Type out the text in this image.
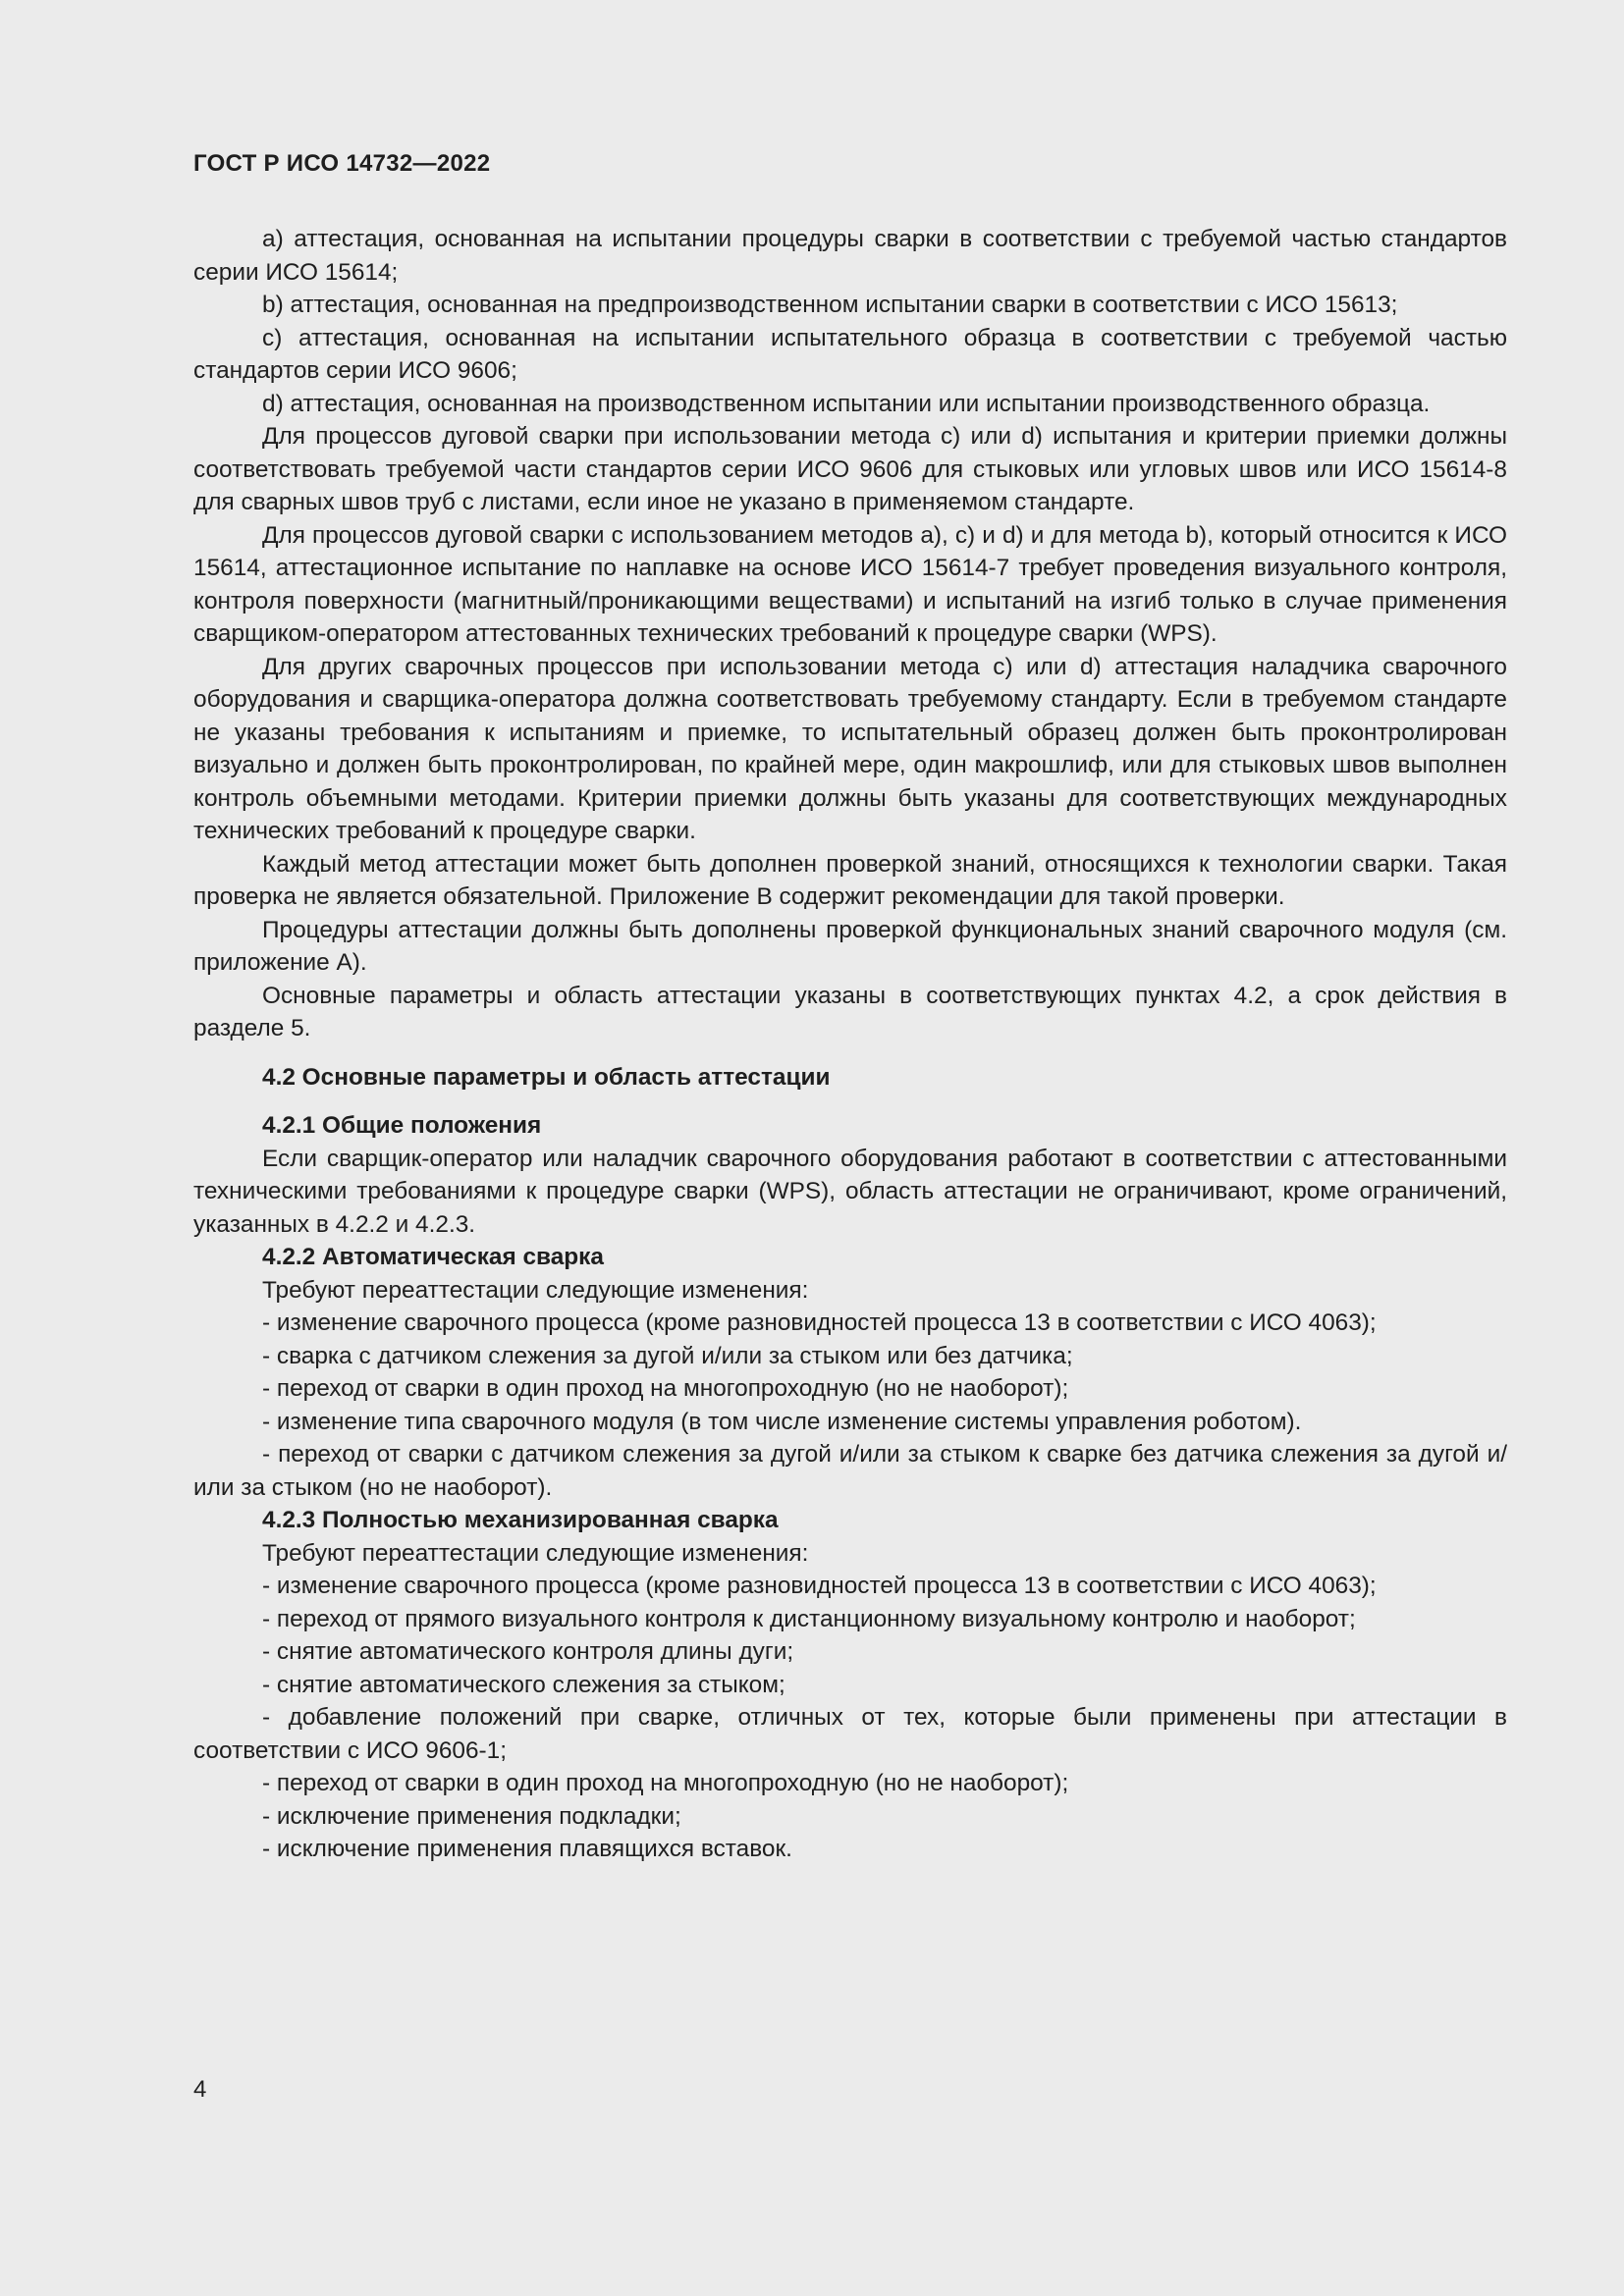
ГОСТ Р ИСО 14732—2022

a) аттестация, основанная на испытании процедуры сварки в соответствии с требуемой частью стандартов серии ИСО 15614;

b) аттестация, основанная на предпроизводственном испытании сварки в соответствии с ИСО 15613;

c) аттестация, основанная на испытании испытательного образца в соответствии с требуемой частью стандартов серии ИСО 9606;

d) аттестация, основанная на производственном испытании или испытании производственного образца.

Для процессов дуговой сварки при использовании метода c) или d) испытания и критерии приемки должны соответствовать требуемой части стандартов серии ИСО 9606 для стыковых или угловых швов или ИСО 15614-8 для сварных швов труб с листами, если иное не указано в применяемом стандарте.

Для процессов дуговой сварки с использованием методов a), c) и d) и для метода b), который относится к ИСО 15614, аттестационное испытание по наплавке на основе ИСО 15614-7 требует проведения визуального контроля, контроля поверхности (магнитный/проникающими веществами) и испытаний на изгиб только в случае применения сварщиком-оператором аттестованных технических требований к процедуре сварки (WPS).

Для других сварочных процессов при использовании метода c) или d) аттестация наладчика сварочного оборудования и сварщика-оператора должна соответствовать требуемому стандарту. Если в требуемом стандарте не указаны требования к испытаниям и приемке, то испытательный образец должен быть проконтролирован визуально и должен быть проконтролирован, по крайней мере, один макрошлиф, или для стыковых швов выполнен контроль объемными методами. Критерии приемки должны быть указаны для соответствующих международных технических требований к процедуре сварки.

Каждый метод аттестации может быть дополнен проверкой знаний, относящихся к технологии сварки. Такая проверка не является обязательной. Приложение В содержит рекомендации для такой проверки.

Процедуры аттестации должны быть дополнены проверкой функциональных знаний сварочного модуля (см. приложение А).

Основные параметры и область аттестации указаны в соответствующих пунктах 4.2, а срок действия в разделе 5.

4.2 Основные параметры и область аттестации

4.2.1 Общие положения

Если сварщик-оператор или наладчик сварочного оборудования работают в соответствии с аттестованными техническими требованиями к процедуре сварки (WPS), область аттестации не ограничивают, кроме ограничений, указанных в 4.2.2 и 4.2.3.

4.2.2 Автоматическая сварка

Требуют переаттестации следующие изменения:

- изменение сварочного процесса (кроме разновидностей процесса 13 в соответствии с ИСО 4063);

- сварка с датчиком слежения за дугой и/или за стыком или без датчика;

- переход от сварки в один проход на многопроходную (но не наоборот);

- изменение типа сварочного модуля (в том числе изменение системы управления роботом).

- переход от сварки с датчиком слежения за дугой и/или за стыком к сварке без датчика слежения за дугой и/или за стыком (но не наоборот).

4.2.3 Полностью механизированная сварка

Требуют переаттестации следующие изменения:

- изменение сварочного процесса (кроме разновидностей процесса 13 в соответствии с ИСО 4063);

- переход от прямого визуального контроля к дистанционному визуальному контролю и наоборот;

- снятие автоматического контроля длины дуги;

- снятие автоматического слежения за стыком;

- добавление положений при сварке, отличных от тех, которые были применены при аттестации в соответствии с ИСО 9606-1;

- переход от сварки в один проход на многопроходную (но не наоборот);

- исключение применения подкладки;

- исключение применения плавящихся вставок.

4
